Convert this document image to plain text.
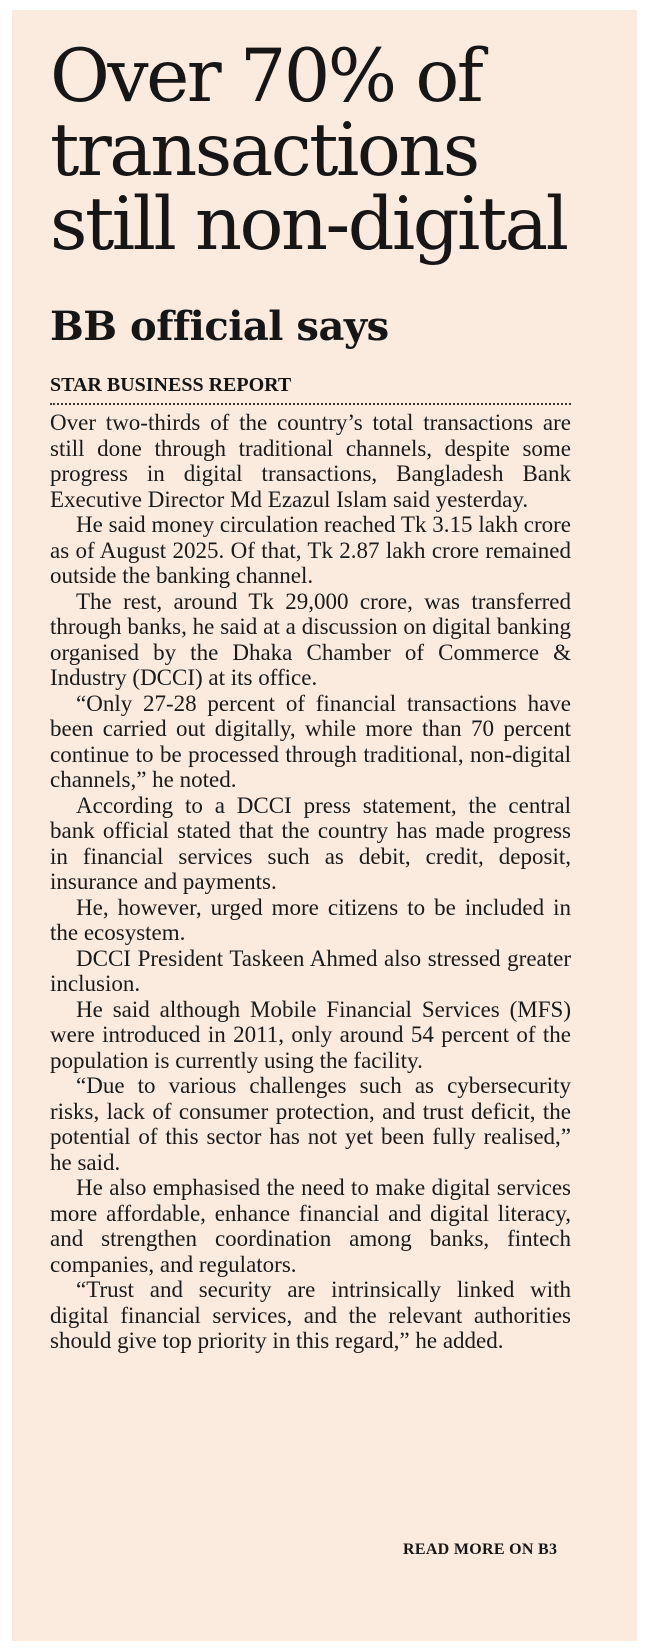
Over 70% of
transactions
still non-digital
BB official says
STAR BUSINESS REPORT

Over two-thirds of the country’s total transactions are still done through traditional channels, despite some progress in digital transactions, Bangladesh Bank Executive Director Md Ezazul Islam said yesterday.

He said money circulation reached Tk 3.15 lakh crore as of August 2025. Of that, Tk 2.87 lakh crore remained outside the banking channel.

The rest, around Tk 29,000 crore, was transferred through banks, he said at a discussion on digital banking organised by the Dhaka Chamber of Commerce & Industry (DCCI) at its office.

“Only 27-28 percent of financial transactions have been carried out digitally, while more than 70 percent continue to be processed through traditional, non-digital channels,” he noted.

According to a DCCI press statement, the central bank official stated that the country has made progress in financial services such as debit, credit, deposit, insurance and payments.

He, however, urged more citizens to be included in the ecosystem.

DCCI President Taskeen Ahmed also stressed greater inclusion.

He said although Mobile Financial Services (MFS) were introduced in 2011, only around 54 percent of the population is currently using the facility.

“Due to various challenges such as cybersecurity risks, lack of consumer protection, and trust deficit, the potential of this sector has not yet been fully realised,” he said.

He also emphasised the need to make digital services more affordable, enhance financial and digital literacy, and strengthen coordination among banks, fintech companies, and regulators.

“Trust and security are intrinsically linked with digital financial services, and the relevant authorities should give top priority in this regard,” he added.

READ MORE ON B3
